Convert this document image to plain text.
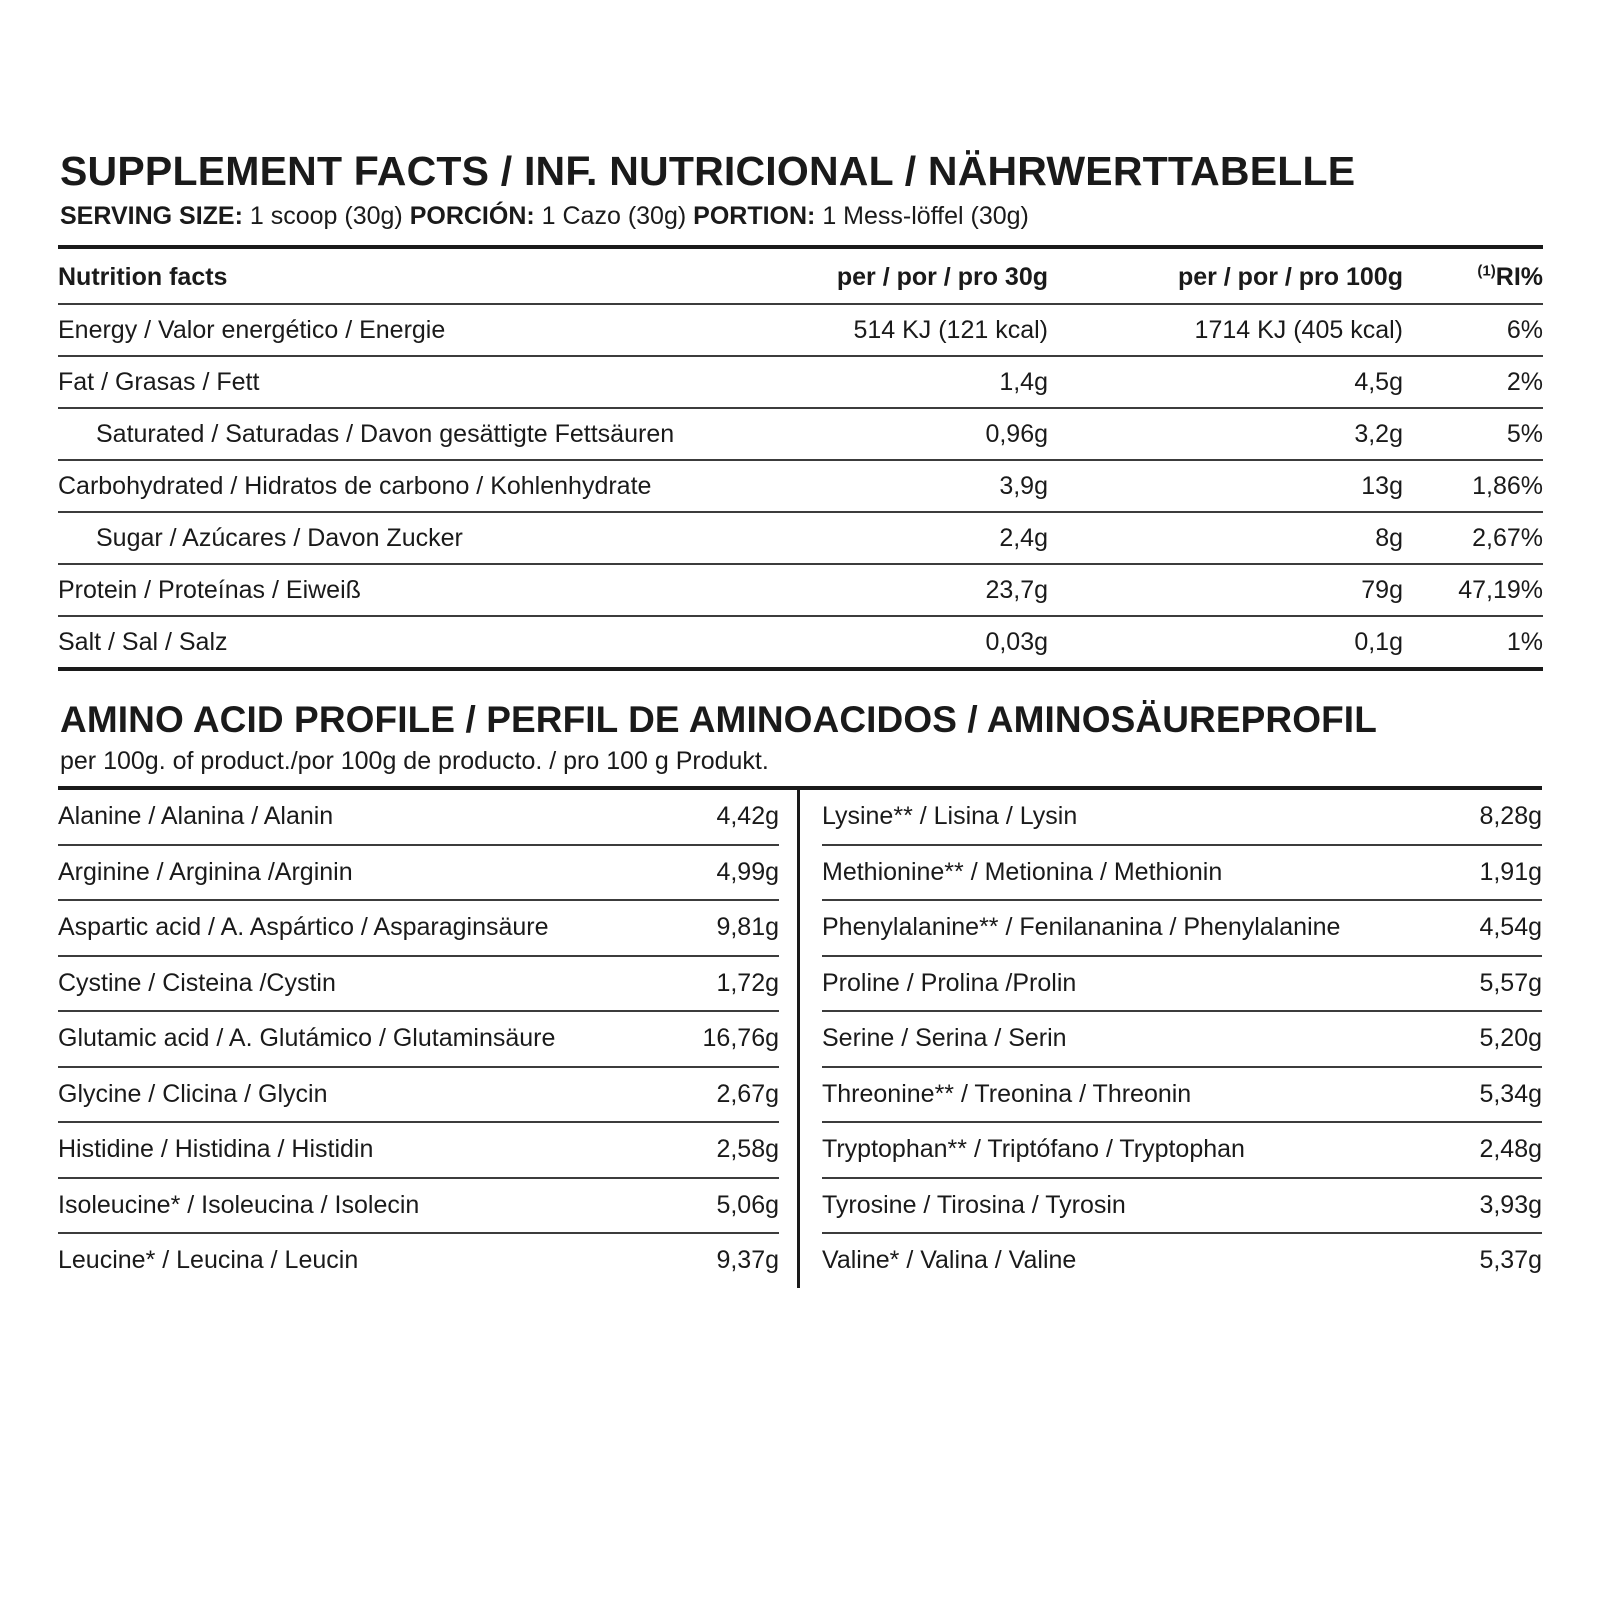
SUPPLEMENT FACTS / INF. NUTRICIONAL / NÄHRWERTTABELLE
SERVING SIZE: 1 scoop (30g) PORCIÓN: 1 Cazo (30g) PORTION: 1 Mess-löffel (30g)
Nutrition facts	per / por / pro 30g	per / por / pro 100g	$^{(1)}$RI%
Energy / Valor energético / Energie	514 KJ (121 kcal)	1714 KJ (405 kcal)	6%
Fat / Grasas / Fett	1,4g	4,5g	2%
Saturated / Saturadas / Davon gesättigte Fettsäuren	0,96g	3,2g	5%
Carbohydrated / Hidratos de carbono / Kohlenhydrate	3,9g	13g	1,86%
Sugar / Azúcares / Davon Zucker	2,4g	8g	2,67%
Protein / Proteínas / Eiweiß	23,7g	79g	47,19%
Salt / Sal / Salz	0,03g	0,1g	1%
AMINO ACID PROFILE / PERFIL DE AMINOACIDOS / AMINOSÄUREPROFIL
per 100g. of product./por 100g de producto. / pro 100 g Produkt.
Alanine / Alanina / Alanin	4,42g
Arginine / Arginina /Arginin	4,99g
Aspartic acid / A. Aspártico / Asparaginsäure	9,81g
Cystine / Cisteina /Cystin	1,72g
Glutamic acid / A. Glutámico / Glutaminsäure	16,76g
Glycine / Clicina / Glycin	2,67g
Histidine / Histidina / Histidin	2,58g
Isoleucine* / Isoleucina / Isolecin	5,06g
Leucine* / Leucina / Leucin	9,37g
Lysine** / Lisina / Lysin	8,28g
Methionine** / Metionina / Methionin	1,91g
Phenylalanine** / Fenilananina / Phenylalanine	4,54g
Proline / Prolina /Prolin	5,57g
Serine / Serina / Serin	5,20g
Threonine** / Treonina / Threonin	5,34g
Tryptophan** / Triptófano / Tryptophan	2,48g
Tyrosine / Tirosina / Tyrosin	3,93g
Valine* / Valina / Valine	5,37g
